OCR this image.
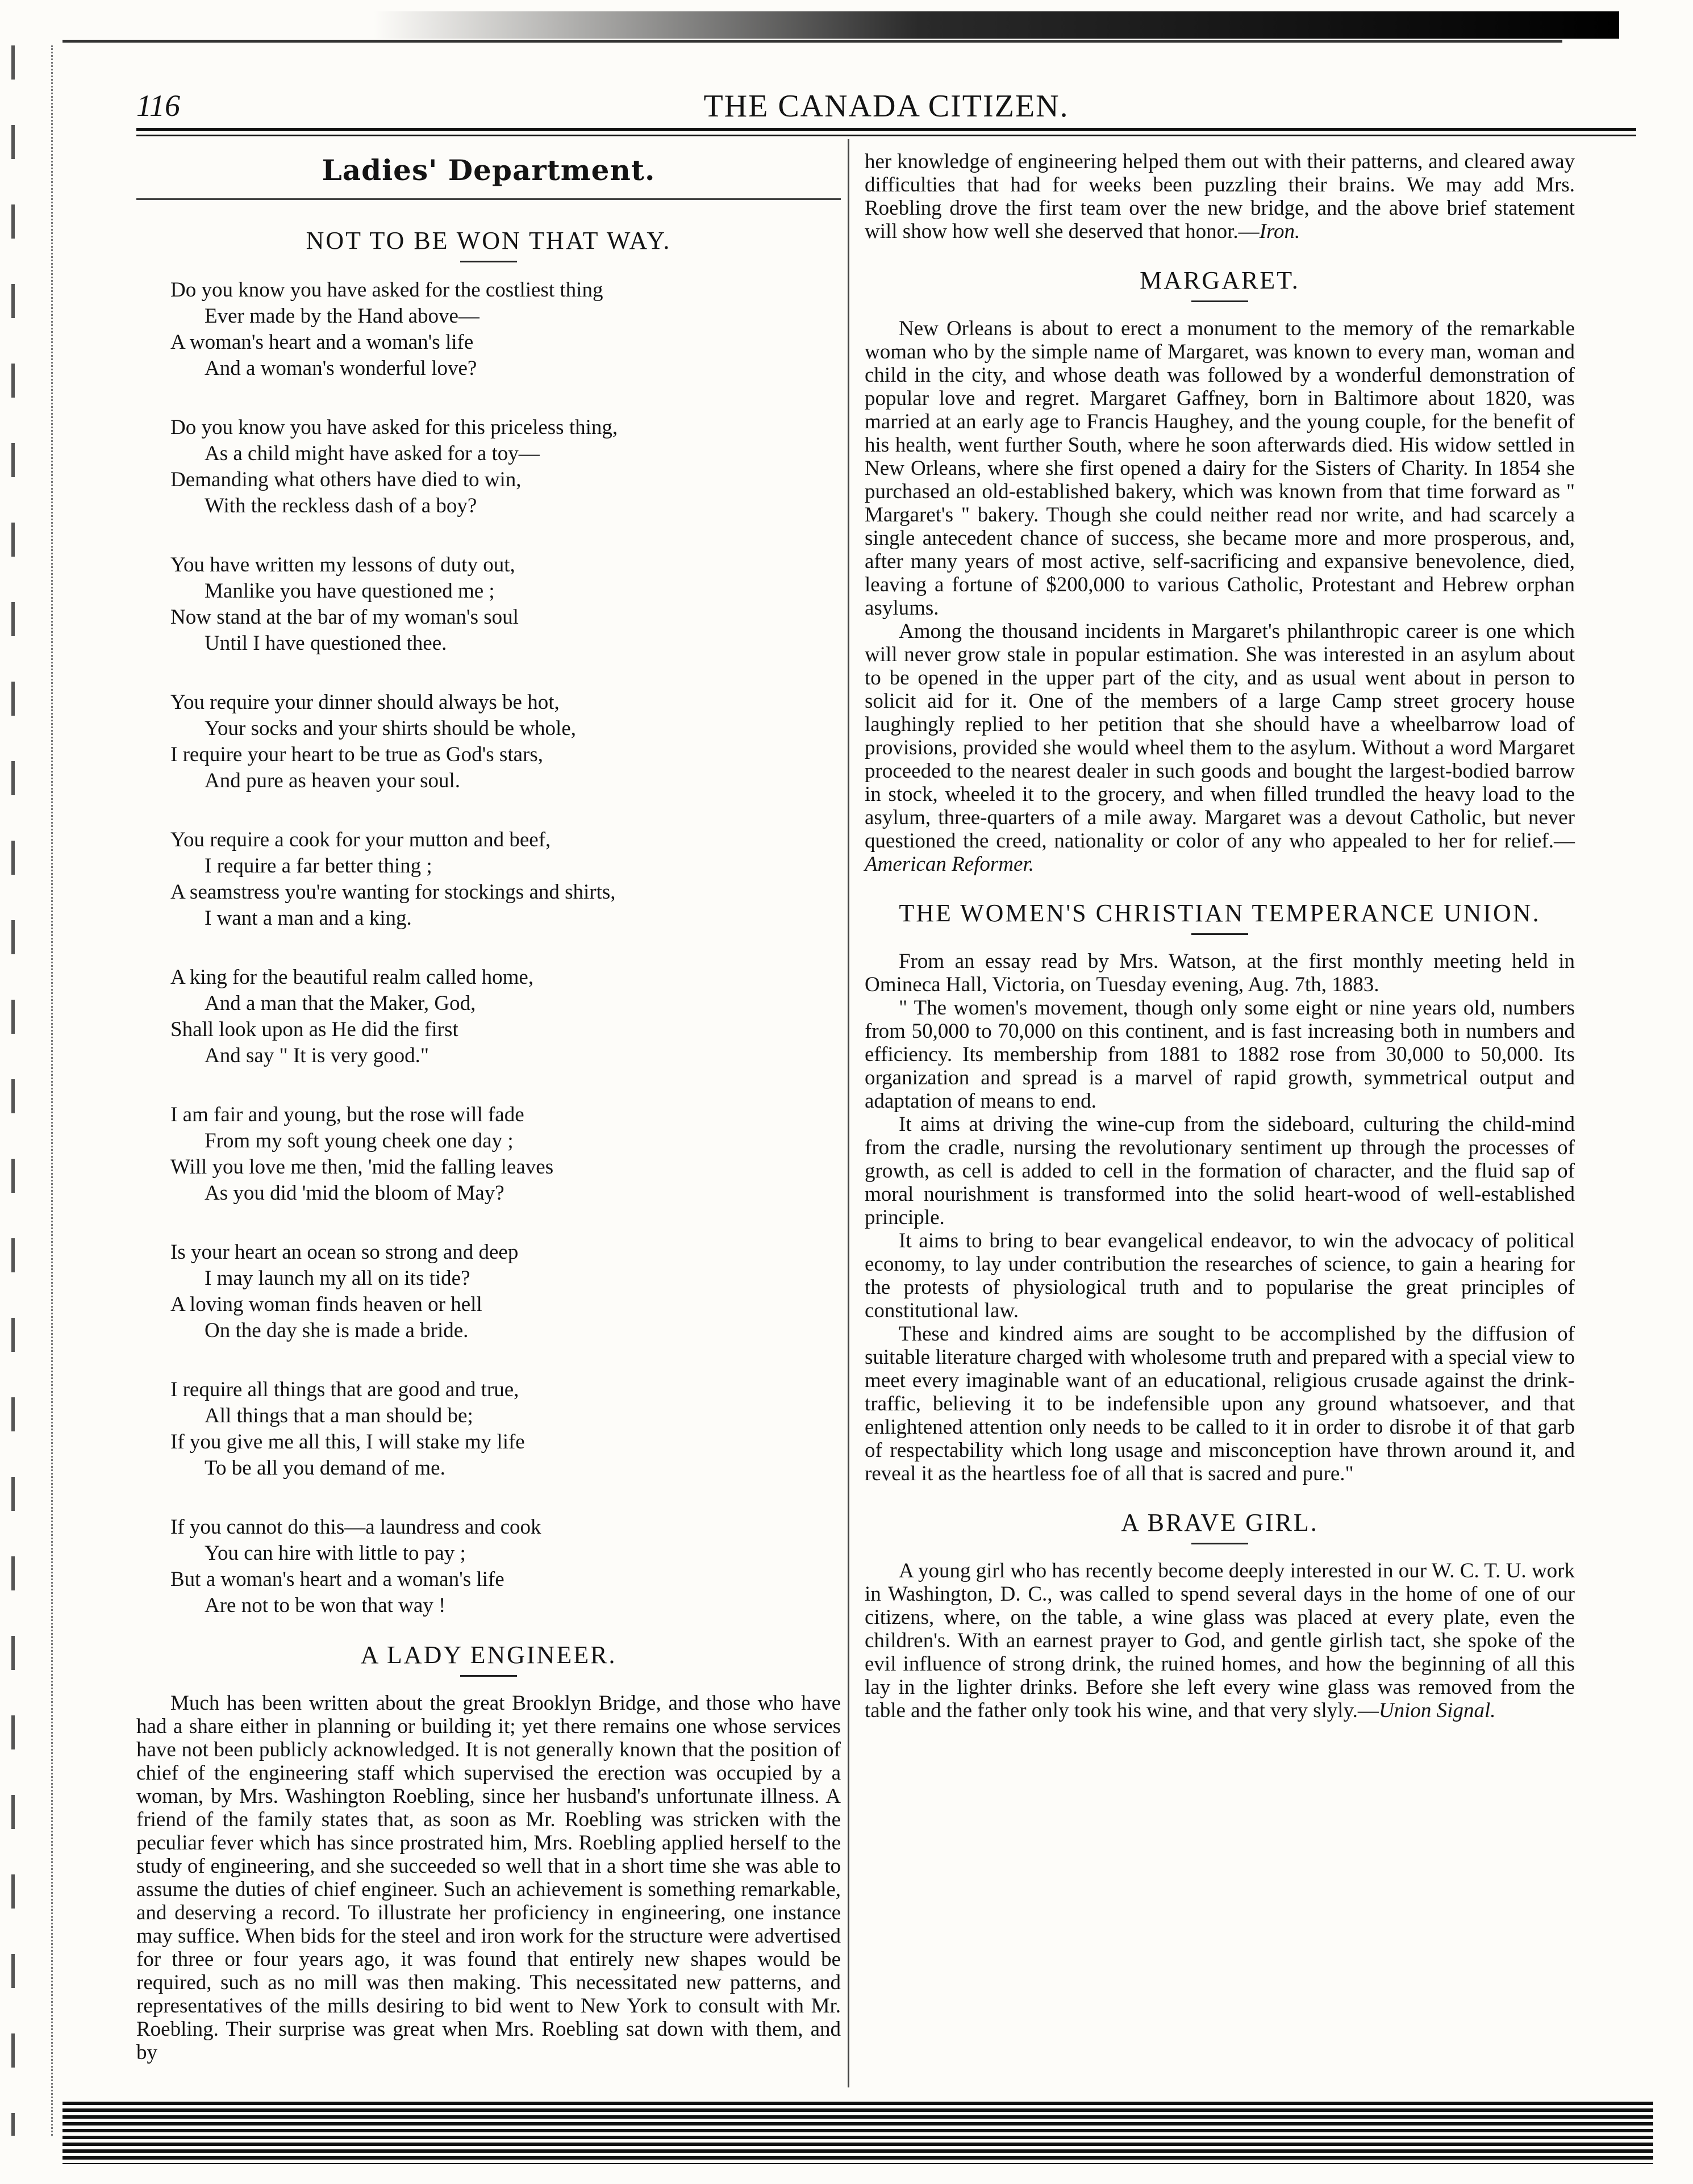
116	THE CANADA CITIZEN.
Ladies' Department.
NOT TO BE WON THAT WAY.
Do you know you have asked for the costliest thing
Ever made by the Hand above—
A woman's heart and a woman's life
And a woman's wonderful love?
Do you know you have asked for this priceless thing,
As a child might have asked for a toy—
Demanding what others have died to win,
With the reckless dash of a boy?
You have written my lessons of duty out,
Manlike you have questioned me ;
Now stand at the bar of my woman's soul
Until I have questioned thee.
You require your dinner should always be hot,
Your socks and your shirts should be whole,
I require your heart to be true as God's stars,
And pure as heaven your soul.
You require a cook for your mutton and beef,
I require a far better thing ;
A seamstress you're wanting for stockings and shirts,
I want a man and a king.
A king for the beautiful realm called home,
And a man that the Maker, God,
Shall look upon as He did the first
And say " It is very good."
I am fair and young, but the rose will fade
From my soft young cheek one day ;
Will you love me then, 'mid the falling leaves
As you did 'mid the bloom of May?
Is your heart an ocean so strong and deep
I may launch my all on its tide?
A loving woman finds heaven or hell
On the day she is made a bride.
I require all things that are good and true,
All things that a man should be;
If you give me all this, I will stake my life
To be all you demand of me.
If you cannot do this—a laundress and cook
You can hire with little to pay ;
But a woman's heart and a woman's life
Are not to be won that way !
A LADY ENGINEER.

Much has been written about the great Brooklyn Bridge, and those who have had a share either in planning or building it; yet there remains one whose services have not been publicly acknowledged. It is not generally known that the position of chief of the engineering staff which supervised the erection was occupied by a woman, by Mrs. Washington Roebling, since her husband's unfortunate illness. A friend of the family states that, as soon as Mr. Roebling was stricken with the peculiar fever which has since prostrated him, Mrs. Roebling applied herself to the study of engineering, and she succeeded so well that in a short time she was able to assume the duties of chief engineer. Such an achievement is something remarkable, and deserving a record. To illustrate her proficiency in engineering, one instance may suffice. When bids for the steel and iron work for the structure were advertised for three or four years ago, it was found that entirely new shapes would be required, such as no mill was then making. This necessitated new patterns, and representatives of the mills desiring to bid went to New York to consult with Mr. Roebling. Their surprise was great when Mrs. Roebling sat down with them, and by

her knowledge of engineering helped them out with their patterns, and cleared away difficulties that had for weeks been puzzling their brains. We may add Mrs. Roebling drove the first team over the new bridge, and the above brief statement will show how well she deserved that honor.—Iron.

MARGARET.

New Orleans is about to erect a monument to the memory of the remarkable woman who by the simple name of Margaret, was known to every man, woman and child in the city, and whose death was followed by a wonderful demonstration of popular love and regret. Margaret Gaffney, born in Baltimore about 1820, was married at an early age to Francis Haughey, and the young couple, for the benefit of his health, went further South, where he soon afterwards died. His widow settled in New Orleans, where she first opened a dairy for the Sisters of Charity. In 1854 she purchased an old-established bakery, which was known from that time forward as " Margaret's " bakery. Though she could neither read nor write, and had scarcely a single antecedent chance of success, she became more and more prosperous, and, after many years of most active, self-sacrificing and expansive benevolence, died, leaving a fortune of $200,000 to various Catholic, Protestant and Hebrew orphan asylums.

Among the thousand incidents in Margaret's philanthropic career is one which will never grow stale in popular estimation. She was interested in an asylum about to be opened in the upper part of the city, and as usual went about in person to solicit aid for it. One of the members of a large Camp street grocery house laughingly replied to her petition that she should have a wheelbarrow load of provisions, provided she would wheel them to the asylum. Without a word Margaret proceeded to the nearest dealer in such goods and bought the largest-bodied barrow in stock, wheeled it to the grocery, and when filled trundled the heavy load to the asylum, three-quarters of a mile away. Margaret was a devout Catholic, but never questioned the creed, nationality or color of any who appealed to her for relief.—American Reformer.

THE WOMEN'S CHRISTIAN TEMPERANCE UNION.

From an essay read by Mrs. Watson, at the first monthly meeting held in Omineca Hall, Victoria, on Tuesday evening, Aug. 7th, 1883.

" The women's movement, though only some eight or nine years old, numbers from 50,000 to 70,000 on this continent, and is fast increasing both in numbers and efficiency. Its membership from 1881 to 1882 rose from 30,000 to 50,000. Its organization and spread is a marvel of rapid growth, symmetrical output and adaptation of means to end.

It aims at driving the wine-cup from the sideboard, culturing the child-mind from the cradle, nursing the revolutionary sentiment up through the processes of growth, as cell is added to cell in the formation of character, and the fluid sap of moral nourishment is transformed into the solid heart-wood of well-established principle.

It aims to bring to bear evangelical endeavor, to win the advocacy of political economy, to lay under contribution the researches of science, to gain a hearing for the protests of physiological truth and to popularise the great principles of constitutional law.

These and kindred aims are sought to be accomplished by the diffusion of suitable literature charged with wholesome truth and prepared with a special view to meet every imaginable want of an educational, religious crusade against the drink-traffic, believing it to be indefensible upon any ground whatsoever, and that enlightened attention only needs to be called to it in order to disrobe it of that garb of respectability which long usage and misconception have thrown around it, and reveal it as the heartless foe of all that is sacred and pure."

A BRAVE GIRL.

A young girl who has recently become deeply interested in our W. C. T. U. work in Washington, D. C., was called to spend several days in the home of one of our citizens, where, on the table, a wine glass was placed at every plate, even the children's. With an earnest prayer to God, and gentle girlish tact, she spoke of the evil influence of strong drink, the ruined homes, and how the beginning of all this lay in the lighter drinks. Before she left every wine glass was removed from the table and the father only took his wine, and that very slyly.—Union Signal.
